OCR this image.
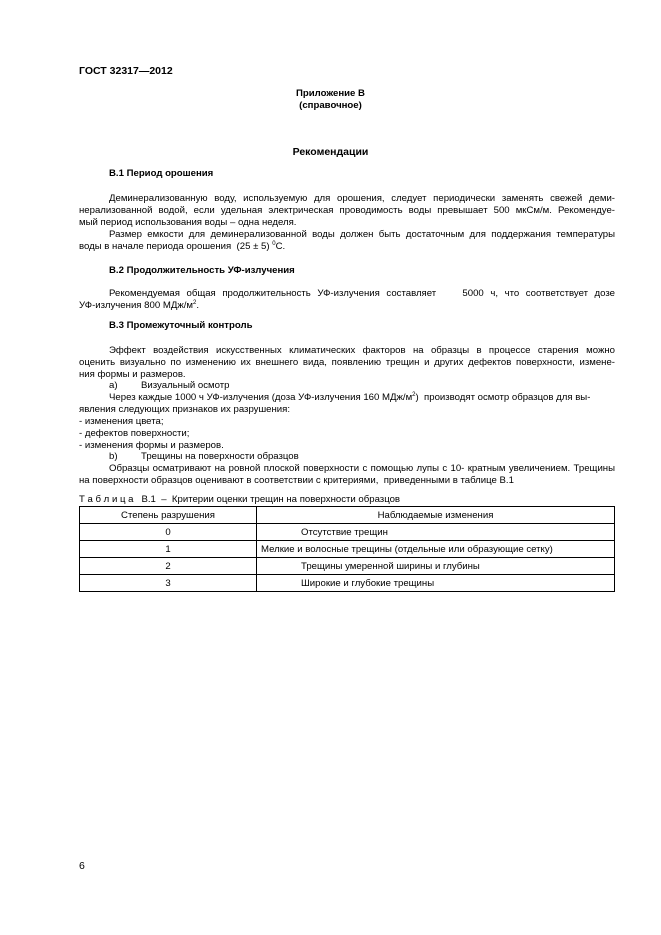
ГОСТ 32317—2012
Приложение В
(справочное)
Рекомендации
В.1 Период орошения
Деминерализованную воду, используемую для орошения, следует периодически заменять свежей деми-
нерализованной водой, если удельная электрическая проводимость воды превышает 500 мкСм/м. Рекомендуе-
мый период использования воды – одна неделя.
Размер емкости для деминерализованной воды должен быть достаточным для поддержания температуры
воды в начале периода орошения  (25 ± 5) $^0$С.
В.2 Продолжительность УФ-излучения
Рекомендуемая общая продолжительность УФ-излучения составляет    5000 ч, что соответствует дозе
УФ-излучения 800 МДж/$м^2$.
В.3 Промежуточный контроль
Эффект воздействия искусственных климатических факторов на образцы в процессе старения можно
оценить визуально по изменению их внешнего вида, появлению трещин и других дефектов поверхности, измене-
ния формы и размеров.
а) Визуальный осмотр
Через каждые 1000 ч УФ-излучения (доза УФ-излучения 160 МДж/$м^2$)  производят осмотр образцов для вы-
явления следующих признаков их разрушения:
- изменения цвета;
- дефектов поверхности;
- изменения формы и размеров.
b) Трещины на поверхности образцов
Образцы осматривают на ровной плоской поверхности с помощью лупы с 10- кратным увеличением. Трещины
на поверхности образцов оценивают в соответствии с критериями,  приведенными в таблице В.1
Т а б л и ц а   В.1 – Критерии оценки трещин на поверхности образцов
Степень разрушения	Наблюдаемые изменения
0	Отсутствие трещин
1	Мелкие и волосные трещины (отдельные или образующие сетку)
2	Трещины умеренной ширины и глубины
3	Широкие и глубокие трещины
6
